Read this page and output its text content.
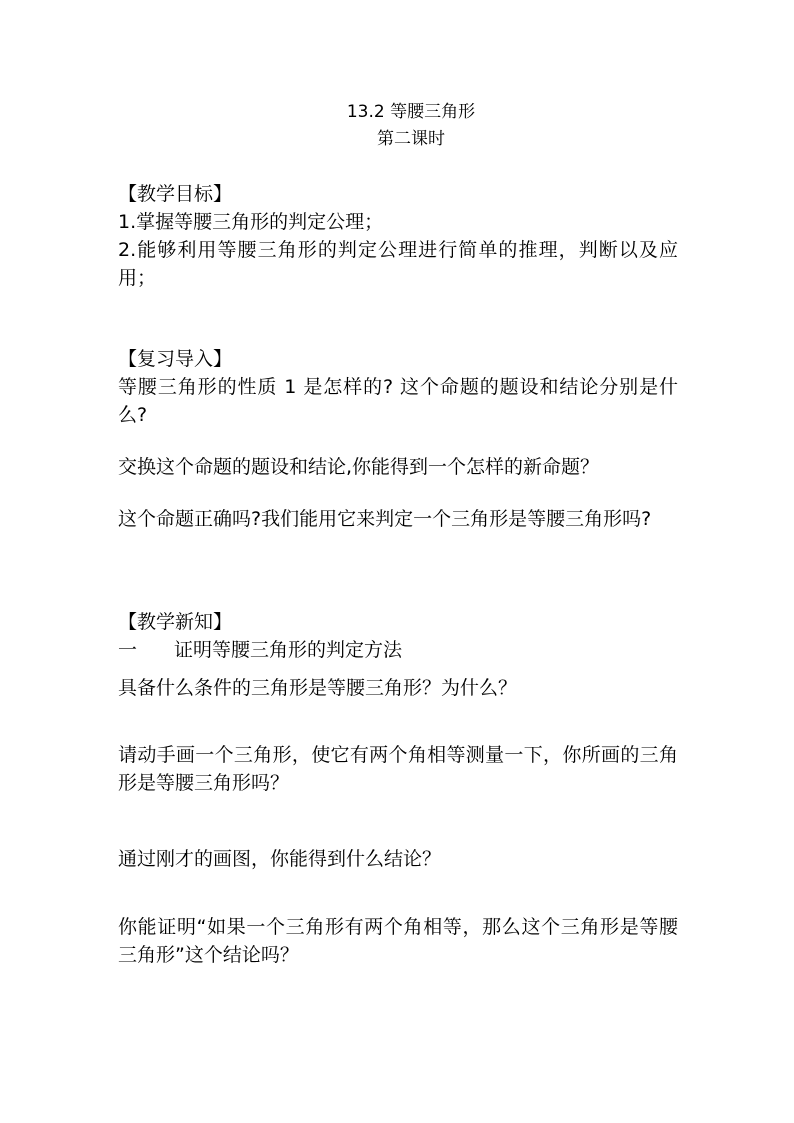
13.2 等腰三角形
第二课时
【教学目标】
1.掌握等腰三角形的判定公理；
2.能够利用等腰三角形的判定公理进行简单的推理，判断以及应用；
【复习导入】
等腰三角形的性质 1 是怎样的? 这个命题的题设和结论分别是什么?
交换这个命题的题设和结论,你能得到一个怎样的新命题？
这个命题正确吗?我们能用它来判定一个三角形是等腰三角形吗?
【教学新知】
一 证明等腰三角形的判定方法
具备什么条件的三角形是等腰三角形？为什么？
请动手画一个三角形，使它有两个角相等测量一下，你所画的三角形是等腰三角形吗？
通过刚才的画图，你能得到什么结论？
你能证明“如果一个三角形有两个角相等，那么这个三角形是等腰三角形”这个结论吗？
